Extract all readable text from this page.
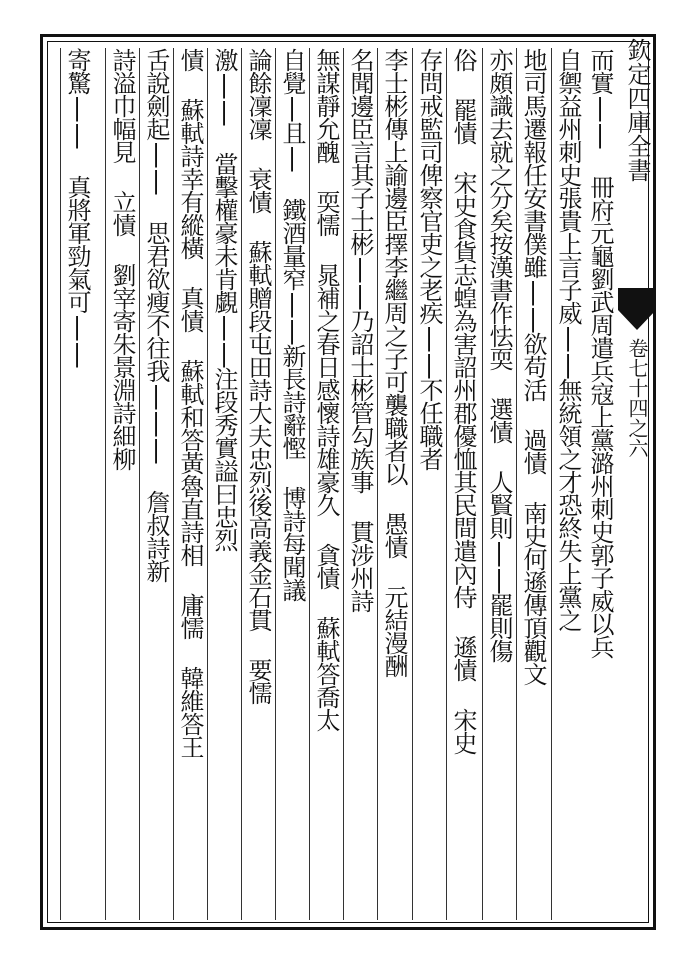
欽定四庫全書
卷七十四之六
而實|| 冊府元龜劉武周遣兵寇上黨潞州刺史郭子威以兵
自禦益州刺史張貴上言子威||無統領之才恐終失上黨之
地司馬遷報任安書僕雖||欲苟活 過㥽 南史何遜傳頂觀文
亦頗識去就之分矣按漢書作怯耎 選㥽 人賢則||罷則傷
俗 罷㥽 宋史食貨志蝗為害詔州郡優恤其民間遣內侍 遜㥽 宋史
存問戒監司俾察官吏之老疾||不任職者
李士彬傳上諭邊臣擇李繼周之子可襲職者以 愚㥽 元結漫酬
名聞邊臣言其子士彬||乃詔士彬管勾族事 貫涉州詩
無謀靜允醜 耎懦 晁補之春日感懷詩雄豪久 貪㥽 蘇軾答喬太
自覺|且| 鐵酒量窄||新長詩辭慳 博詩每聞議
論餘凜凜 衰㥽 蘇軾贈段屯田詩大夫忠烈後高義金石貫 要懦
激|| 當擊權豪未肯覷||注段秀實謚曰忠烈
㥽 蘇軾詩幸有縱橫 真㥽 蘇軾和答黃魯直詩相 庸懦 韓維答王
舌說劍起|| 思君欲瘦不往我||| 詹叔詩新
詩溢巾幅見 立㥽 劉宰寄朱景淵詩細柳
寄驚|| 真將軍勁氣可||
